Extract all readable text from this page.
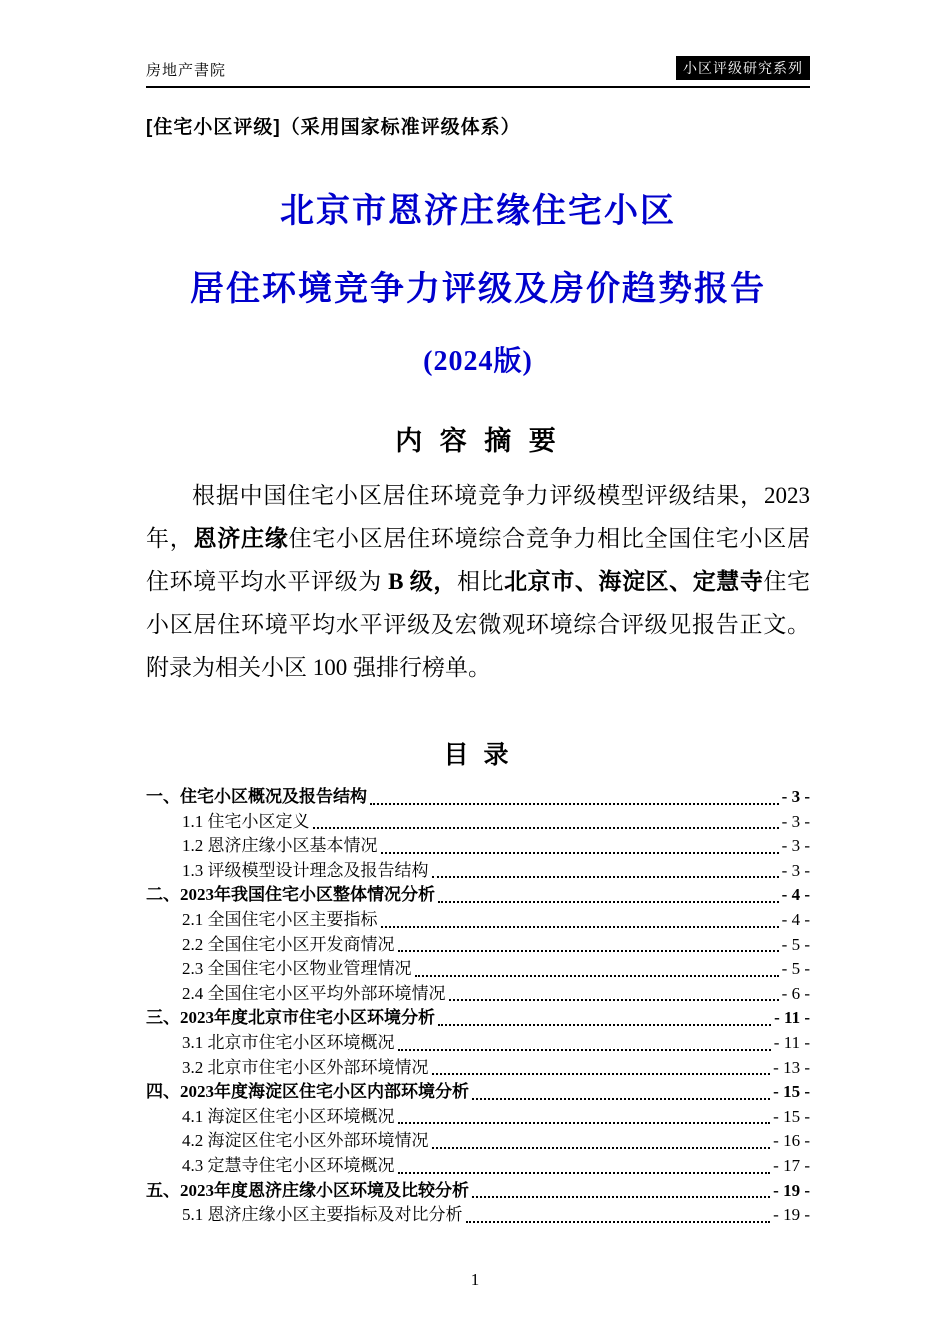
房地产書院	小区评级研究系列
[住宅小区评级]（采用国家标准评级体系）
北京市恩济庄缘住宅小区
居住环境竞争力评级及房价趋势报告
(2024版)
内 容 摘 要

根据中国住宅小区居住环境竞争力评级模型评级结果，2023 年，恩济庄缘住宅小区居住环境综合竞争力相比全国住宅小区居住环境平均水平评级为 B 级，相比北京市、海淀区、定慧寺住宅小区居住环境平均水平评级及宏微观环境综合评级见报告正文。附录为相关小区 100 强排行榜单。

目 录
一、住宅小区概况及报告结构	- 3 -
1.1 住宅小区定义	- 3 -
1.2 恩济庄缘小区基本情况	- 3 -
1.3 评级模型设计理念及报告结构	- 3 -
二、2023年我国住宅小区整体情况分析	- 4 -
2.1 全国住宅小区主要指标	- 4 -
2.2 全国住宅小区开发商情况	- 5 -
2.3 全国住宅小区物业管理情况	- 5 -
2.4 全国住宅小区平均外部环境情况	- 6 -
三、2023年度北京市住宅小区环境分析	- 11 -
3.1 北京市住宅小区环境概况	- 11 -
3.2 北京市住宅小区外部环境情况	- 13 -
四、2023年度海淀区住宅小区内部环境分析	- 15 -
4.1 海淀区住宅小区环境概况	- 15 -
4.2 海淀区住宅小区外部环境情况	- 16 -
4.3 定慧寺住宅小区环境概况	- 17 -
五、2023年度恩济庄缘小区环境及比较分析	- 19 -
5.1 恩济庄缘小区主要指标及对比分析	- 19 -
1
